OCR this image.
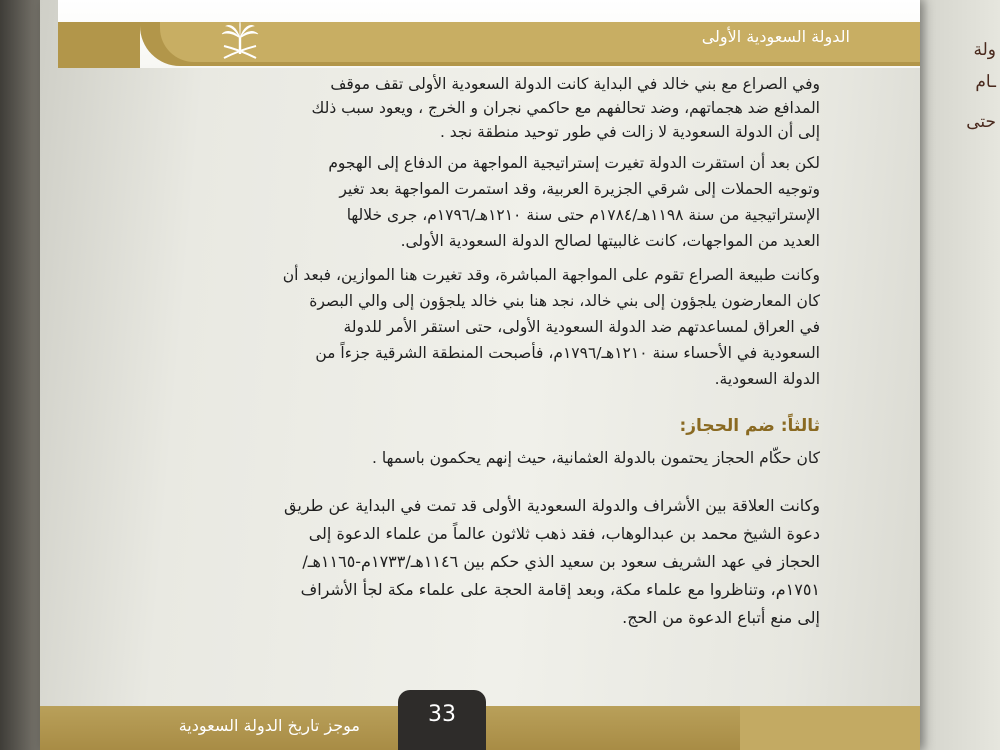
ولة
ـام
حتى
الدولة السعودية الأولى

وفي الصراع مع بني خالد في البداية كانت الدولة السعودية الأولى تقف موقف

المدافع ضد هجماتهم، وضد تحالفهم مع حاكمي نجران و الخرج ، ويعود سبب ذلك

إلى أن الدولة السعودية لا زالت في طور توحيد منطقة نجد .

لكن بعد أن استقرت الدولة تغيرت إستراتيجية المواجهة من الدفاع إلى الهجوم

وتوجيه الحملات إلى شرقي الجزيرة العربية، وقد استمرت المواجهة بعد تغير

الإستراتيجية من سنة ١١٩٨هـ/١٧٨٤م حتى سنة ١٢١٠هـ/١٧٩٦م، جرى خلالها

العديد من المواجهات، كانت غالبيتها لصالح الدولة السعودية الأولى.

وكانت طبيعة الصراع تقوم على المواجهة المباشرة، وقد تغيرت هنا الموازين، فبعد أن

كان المعارضون يلجؤون إلى بني خالد، نجد هنا بني خالد يلجؤون إلى والي البصرة

في العراق لمساعدتهم ضد الدولة السعودية الأولى، حتى استقر الأمر للدولة

السعودية في الأحساء سنة ١٢١٠هـ/١٧٩٦م، فأصبحت المنطقة الشرقية جزءاً من

الدولة السعودية.

ثالثاً: ضم الحجاز:

كان حكّام الحجاز يحتمون بالدولة العثمانية، حيث إنهم يحكمون باسمها .

وكانت العلاقة بين الأشراف والدولة السعودية الأولى قد تمت في البداية عن طريق

دعوة الشيخ محمد بن عبدالوهاب، فقد ذهب ثلاثون عالماً من علماء الدعوة إلى

الحجاز في عهد الشريف سعود بن سعيد الذي حكم بين ١١٤٦هـ/١٧٣٣م-١١٦٥هـ/

١٧٥١م، وتناظروا مع علماء مكة، وبعد إقامة الحجة على علماء مكة لجأ الأشراف

إلى منع أتباع الدعوة من الحج.

33
موجز تاريخ الدولة السعودية
